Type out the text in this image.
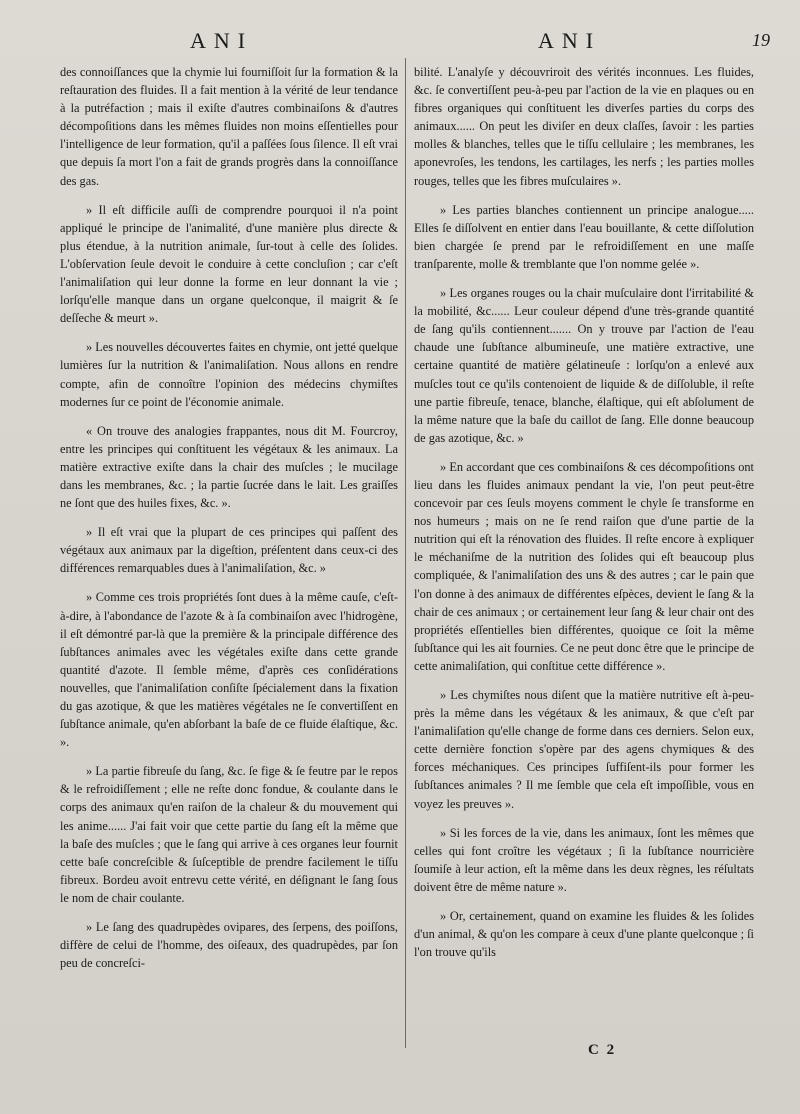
ANI	ANI	19

des connoiſſances que la chymie lui fourniſſoit ſur la formation & la reſtauration des fluides. Il a fait mention à la vérité de leur tendance à la putréfaction ; mais il exiſte d'autres combinaiſons & d'autres décompoſitions dans les mêmes fluides non moins eſſentielles pour l'intelligence de leur formation, qu'il a paſſées ſous ſilence. Il eſt vrai que depuis ſa mort l'on a fait de grands progrès dans la connoiſſance des gas.

» Il eſt difficile auſſi de comprendre pourquoi il n'a point appliqué le principe de l'animalité, d'une manière plus directe & plus étendue, à la nutrition animale, ſur-tout à celle des ſolides. L'obſervation ſeule devoit le conduire à cette concluſion ; car c'eſt l'animaliſation qui leur donne la forme en leur donnant la vie ; lorſqu'elle manque dans un organe quelconque, il maigrit & ſe deſſeche & meurt ».

» Les nouvelles découvertes faites en chymie, ont jetté quelque lumières ſur la nutrition & l'animaliſation. Nous allons en rendre compte, afin de connoître l'opinion des médecins chymiſtes modernes ſur ce point de l'économie animale.

« On trouve des analogies frappantes, nous dit M. Fourcroy, entre les principes qui conſtituent les végétaux & les animaux. La matière extractive exiſte dans la chair des muſcles ; le mucilage dans les membranes, &c. ; la partie ſucrée dans le lait. Les graiſſes ne ſont que des huiles fixes, &c. ».

» Il eſt vrai que la plupart de ces principes qui paſſent des végétaux aux animaux par la digeſtion, préſentent dans ceux-ci des différences remarquables dues à l'animaliſation, &c. »

» Comme ces trois propriétés ſont dues à la même cauſe, c'eſt-à-dire, à l'abondance de l'azote & à ſa combinaiſon avec l'hidrogène, il eſt démontré par-là que la première & la principale différence des ſubſtances animales avec les végétales exiſte dans cette grande quantité d'azote. Il ſemble même, d'après ces conſidérations nouvelles, que l'animaliſation conſiſte ſpécialement dans la fixation du gas azotique, & que les matières végétales ne ſe convertiſſent en ſubſtance animale, qu'en abſorbant la baſe de ce fluide élaſtique, &c. ».

» La partie fibreuſe du ſang, &c. ſe fige & ſe feutre par le repos & le refroidiſſement ; elle ne reſte donc fondue, & coulante dans le corps des animaux qu'en raiſon de la chaleur & du mouvement qui les anime...... J'ai fait voir que cette partie du ſang eſt la même que la baſe des muſcles ; que le ſang qui arrive à ces organes leur fournit cette baſe concreſcible & ſuſceptible de prendre facilement le tiſſu fibreux. Bordeu avoit entrevu cette vérité, en déſignant le ſang ſous le nom de chair coulante.

» Le ſang des quadrupèdes ovipares, des ſerpens, des poiſſons, diffère de celui de l'homme, des oiſeaux, des quadrupèdes, par ſon peu de concreſci-

bilité. L'analyſe y découvriroit des vérités inconnues. Les fluides, &c. ſe convertiſſent peu-à-peu par l'action de la vie en plaques ou en fibres organiques qui conſtituent les diverſes parties du corps des animaux...... On peut les diviſer en deux claſſes, ſavoir : les parties molles & blanches, telles que le tiſſu cellulaire ; les membranes, les aponevroſes, les tendons, les cartilages, les nerfs ; les parties molles rouges, telles que les fibres muſculaires ».

» Les parties blanches contiennent un principe analogue..... Elles ſe diſſolvent en entier dans l'eau bouillante, & cette diſſolution bien chargée ſe prend par le refroidiſſement en une maſſe tranſparente, molle & tremblante que l'on nomme gelée ».

» Les organes rouges ou la chair muſculaire dont l'irritabilité & la mobilité, &c...... Leur couleur dépend d'une très-grande quantité de ſang qu'ils contiennent....... On y trouve par l'action de l'eau chaude une ſubſtance albumineuſe, une matière extractive, une certaine quantité de matière gélatineuſe : lorſqu'on a enlevé aux muſcles tout ce qu'ils contenoient de liquide & de diſſoluble, il reſte une partie fibreuſe, tenace, blanche, élaſtique, qui eſt abſolument de la même nature que la baſe du caillot de ſang. Elle donne beaucoup de gas azotique, &c. »

» En accordant que ces combinaiſons & ces décompoſitions ont lieu dans les fluides animaux pendant la vie, l'on peut peut-être concevoir par ces ſeuls moyens comment le chyle ſe transforme en nos humeurs ; mais on ne ſe rend raiſon que d'une partie de la nutrition qui eſt la rénovation des fluides. Il reſte encore à expliquer le méchaniſme de la nutrition des ſolides qui eſt beaucoup plus compliquée, & l'animaliſation des uns & des autres ; car le pain que l'on donne à des animaux de différentes eſpèces, devient le ſang & la chair de ces animaux ; or certainement leur ſang & leur chair ont des propriétés eſſentielles bien différentes, quoique ce ſoit la même ſubſtance qui les ait fournies. Ce ne peut donc être que le principe de cette animaliſation, qui conſtitue cette différence ».

» Les chymiſtes nous diſent que la matière nutritive eſt à-peu-près la même dans les végétaux & les animaux, & que c'eſt par l'animaliſation qu'elle change de forme dans ces derniers. Selon eux, cette dernière fonction s'opère par des agens chymiques & des forces méchaniques. Ces principes ſuffiſent-ils pour former les ſubſtances animales ? Il me ſemble que cela eſt impoſſible, vous en voyez les preuves ».

» Si les forces de la vie, dans les animaux, ſont les mêmes que celles qui font croître les végétaux ; ſi la ſubſtance nourricière ſoumiſe à leur action, eſt la même dans les deux règnes, les réſultats doivent être de même nature ».

» Or, certainement, quand on examine les fluides & les ſolides d'un animal, & qu'on les compare à ceux d'une plante quelconque ; ſi l'on trouve qu'ils

C 2
